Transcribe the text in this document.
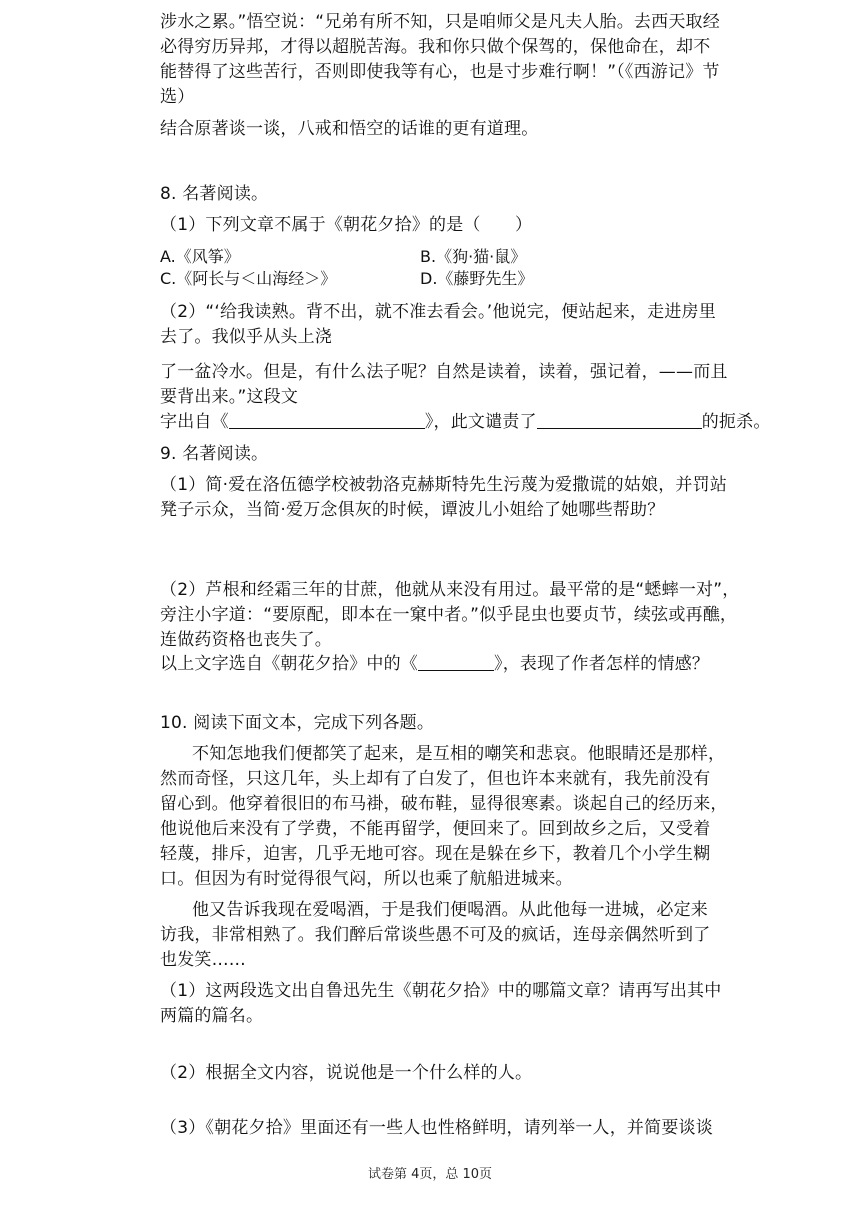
涉水之累。”悟空说：“兄弟有所不知，只是咱师父是凡夫人胎。去西天取经
必得穷历异邦，才得以超脱苦海。我和你只做个保驾的，保他命在，却不
能替得了这些苦行，否则即使我等有心，也是寸步难行啊！”（《西游记》节
选）
结合原著谈一谈，八戒和悟空的话谁的更有道理。
8. 名著阅读。
（1）下列文章不属于《朝花夕拾》的是（　　）
A.《风筝》	B.《狗·猫·鼠》
C.《阿长与＜山海经＞》	D.《藤野先生》
（2）“‘给我读熟。背不出，就不准去看会。’他说完，便站起来，走进房里
去了。我似乎从头上浇
了一盆冷水。但是，有什么法子呢？自然是读着，读着，强记着，——而且
要背出来。”这段文
字出自《	》，此文谴责了	的扼杀。
9. 名著阅读。
（1）简·爱在洛伍德学校被勃洛克赫斯特先生污蔑为爱撒谎的姑娘，并罚站
凳子示众，当简·爱万念俱灰的时候，谭波儿小姐给了她哪些帮助？
（2）芦根和经霜三年的甘蔗，他就从来没有用过。最平常的是“蟋蟀一对”，
旁注小字道：“要原配，即本在一窠中者。”似乎昆虫也要贞节，续弦或再醮，
连做药资格也丧失了。
以上文字选自《朝花夕拾》中的《	》，表现了作者怎样的情感？
10. 阅读下面文本，完成下列各题。
不知怎地我们便都笑了起来，是互相的嘲笑和悲哀。他眼睛还是那样，
然而奇怪，只这几年，头上却有了白发了，但也许本来就有，我先前没有
留心到。他穿着很旧的布马褂，破布鞋，显得很寒素。谈起自己的经历来，
他说他后来没有了学费，不能再留学，便回来了。回到故乡之后，又受着
轻蔑，排斥，迫害，几乎无地可容。现在是躲在乡下，教着几个小学生糊
口。但因为有时觉得很气闷，所以也乘了航船进城来。
他又告诉我现在爱喝酒，于是我们便喝酒。从此他每一进城，必定来
访我，非常相熟了。我们醉后常谈些愚不可及的疯话，连母亲偶然听到了
也发笑……
（1）这两段选文出自鲁迅先生《朝花夕拾》中的哪篇文章？请再写出其中
两篇的篇名。
（2）根据全文内容，说说他是一个什么样的人。
（3）《朝花夕拾》里面还有一些人也性格鲜明，请列举一人，并简要谈谈
试卷第 4页，总 10页
